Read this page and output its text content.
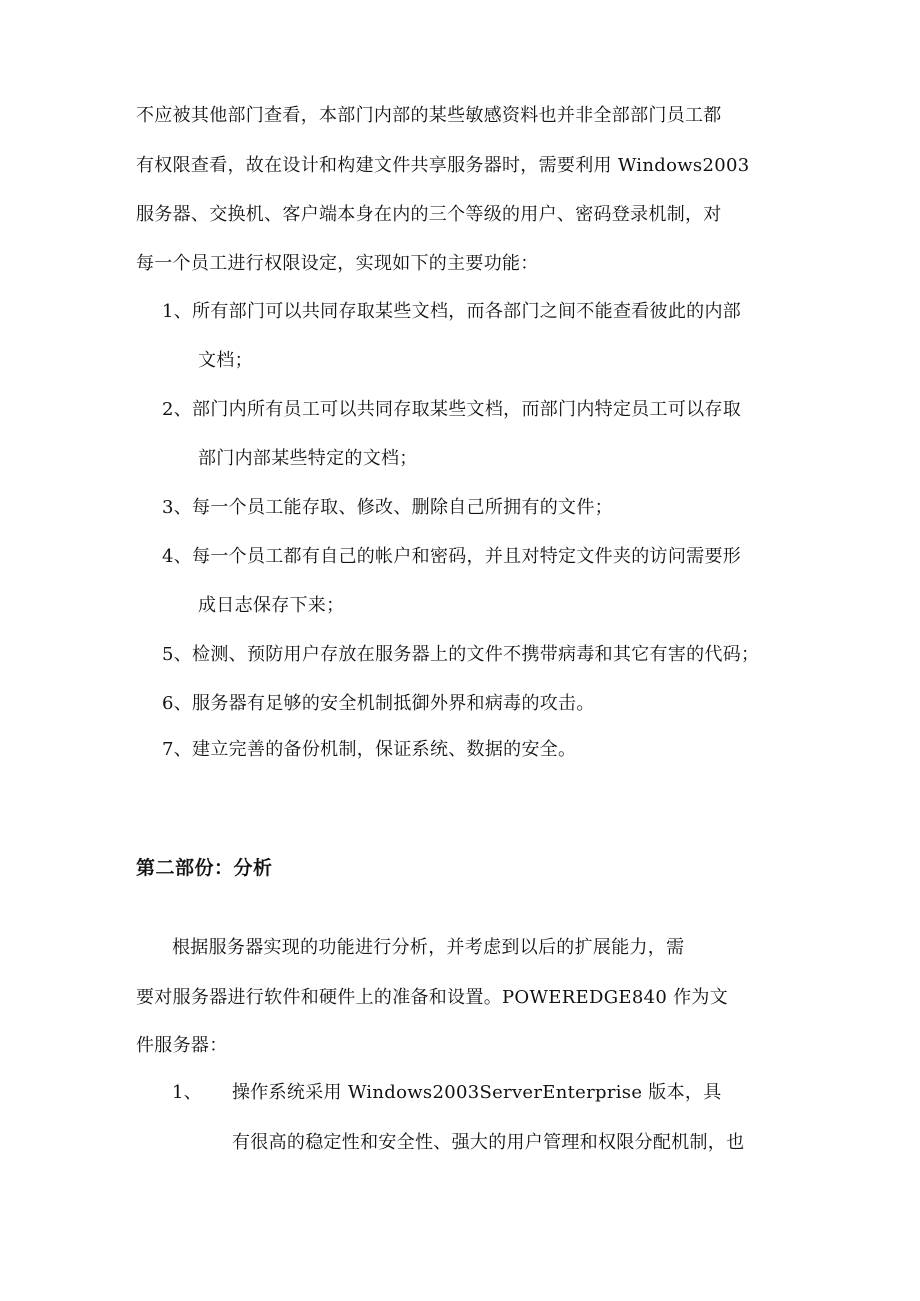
不应被其他部门查看，本部门内部的某些敏感资料也并非全部部门员工都
有权限查看，故在设计和构建文件共享服务器时，需要利用 Windows2003
服务器、交换机、客户端本身在内的三个等级的用户、密码登录机制，对
每一个员工进行权限设定，实现如下的主要功能：
1、所有部门可以共同存取某些文档，而各部门之间不能查看彼此的内部
文档；
2、部门内所有员工可以共同存取某些文档，而部门内特定员工可以存取
部门内部某些特定的文档；
3、每一个员工能存取、修改、删除自己所拥有的文件；
4、每一个员工都有自己的帐户和密码，并且对特定文件夹的访问需要形
成日志保存下来；
5、检测、预防用户存放在服务器上的文件不携带病毒和其它有害的代码；
6、服务器有足够的安全机制抵御外界和病毒的攻击。
7、建立完善的备份机制，保证系统、数据的安全。
第二部份：分析
根据服务器实现的功能进行分析，并考虑到以后的扩展能力，需
要对服务器进行软件和硬件上的准备和设置。POWEREDGE840 作为文
件服务器：
1、 操作系统采用 Windows2003ServerEnterprise 版本，具
有很高的稳定性和安全性、强大的用户管理和权限分配机制，也
